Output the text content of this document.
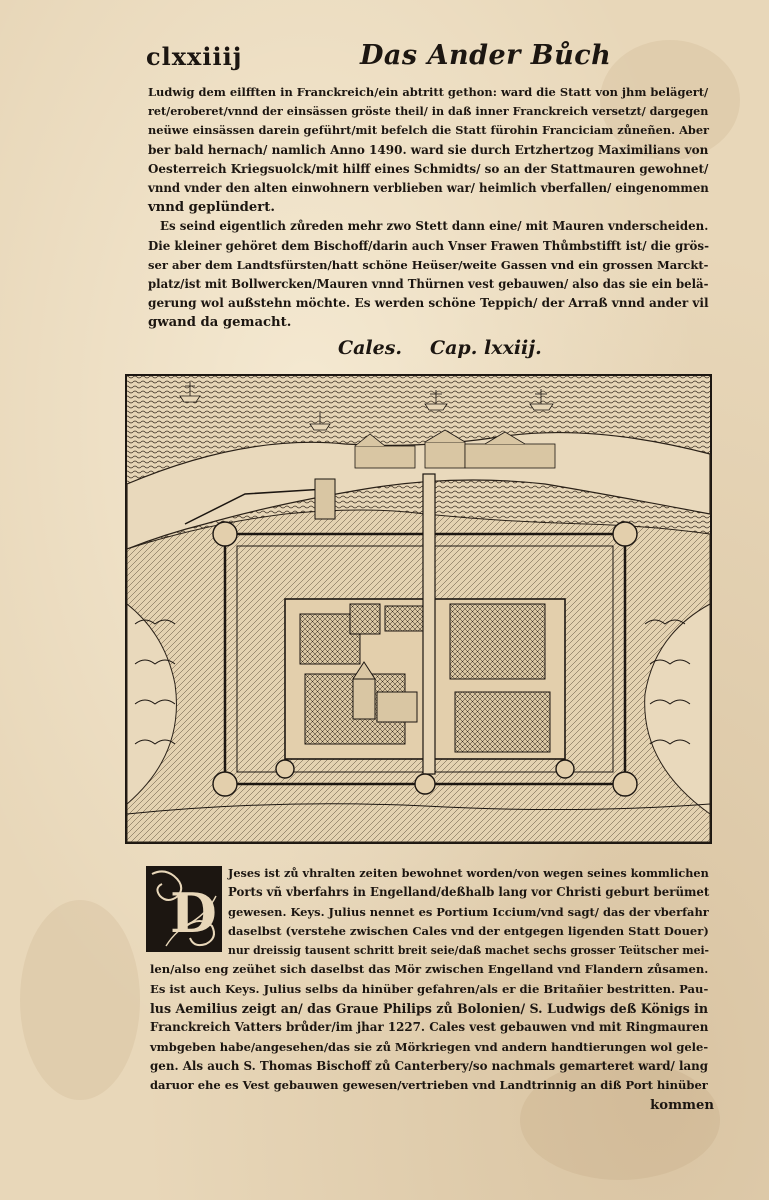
clxxiiij	Das Ander Bůch
Ludwig dem eilfften in Franckreich/ein abtritt gethon: ward die Statt von jhm belägert/
ret/eroberet/vnnd der einsässen gröste theil/ in daß inner Franckreich versetzt/ dargegen
neüwe einsässen darein geführt/mit befelch die Statt fürohin Franciciam zůneñen. Aber
ber bald hernach/ namlich Anno 1490. ward sie durch Ertzhertzog Maximilians von
Oesterreich Kriegsuolck/mit hilff eines Schmidts/ so an der Stattmauren gewohnet/
vnnd vnder den alten einwohnern verblieben war/ heimlich vberfallen/ eingenommen
vnnd geplündert.
Es seind eigentlich zůreden mehr zwo Stett dann eine/ mit Mauren vnderscheiden.
Die kleiner gehöret dem Bischoff/darin auch Vnser Frawen Thůmbstifft ist/ die grös-
ser aber dem Landtsfürsten/hatt schöne Heüser/weite Gassen vnd ein grossen Marckt-
platz/ist mit Bollwercken/Mauren vnnd Thürnen vest gebauwen/ also das sie ein belä-
gerung wol außstehn möchte. Es werden schöne Teppich/ der Arraß vnnd ander vil
gwand da gemacht.
Cales. Cap. lxxiij.
D
Jeses ist zů vhralten zeiten bewohnet worden/von wegen seines kommlichen
Ports vñ vberfahrs in Engelland/deßhalb lang vor Christi geburt berümet
gewesen. Keys. Julius nennet es Portium Iccium/vnd sagt/ das der vberfahr
daselbst (verstehe zwischen Cales vnd der entgegen ligenden Statt Douer)
nur dreissig tausent schritt breit seie/daß machet sechs grosser Teütscher mei-
len/also eng zeühet sich daselbst das Mör zwischen Engelland vnd Flandern zůsamen.
Es ist auch Keys. Julius selbs da hinüber gefahren/als er die Britañier bestritten. Pau-
lus Aemilius zeigt an/ das Graue Philips zů Bolonien/ S. Ludwigs deß Königs in
Franckreich Vatters brůder/im jhar 1227. Cales vest gebauwen vnd mit Ringmauren
vmbgeben habe/angesehen/das sie zů Mörkriegen vnd andern handtierungen wol gele-
gen. Als auch S. Thomas Bischoff zů Canterbery/so nachmals gemarteret ward/ lang
daruor ehe es Vest gebauwen gewesen/vertrieben vnd Landtrinnig an diß Port hinüber
kommen
